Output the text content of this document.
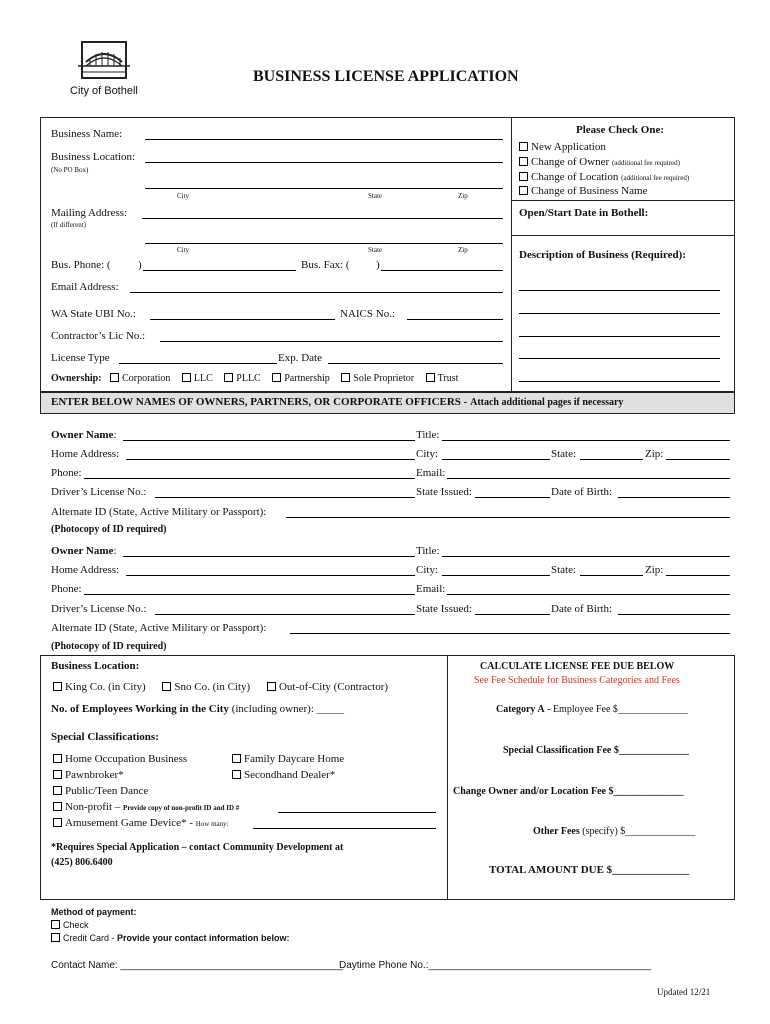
City of Bothell
BUSINESS LICENSE APPLICATION
Business Name:
Business Location:
(No PO Box)
City	State	Zip
Mailing Address:
(If different)
City	State	Zip
Bus. Phone: ( )	Bus. Fax: ( )
Email Address:
WA State UBI No.:	NAICS No.:
Contractor’s Lic No.:
License Type	Exp. Date
Ownership: Corporation LLC PLLC Partnership Sole Proprietor Trust
Please Check One:
New Application
Change of Owner (additional fee required)
Change of Location (additional fee required)
Change of Business Name
Open/Start Date in Bothell:
Description of Business (Required):
ENTER BELOW NAMES OF OWNERS, PARTNERS, OR CORPORATE OFFICERS - Attach additional pages if necessary
Owner Name:	Title:
Home Address:	City:	State:	Zip:
Phone:	Email:
Driver’s License No.:	State Issued:	Date of Birth:
Alternate ID (State, Active Military or Passport):
(Photocopy of ID required)
Owner Name:	Title:
Home Address:	City:	State:	Zip:
Phone:	Email:
Driver’s License No.:	State Issued:	Date of Birth:
Alternate ID (State, Active Military or Passport):
(Photocopy of ID required)
Business Location:
King Co. (in City)	Sno Co. (in City)	Out-of-City (Contractor)
No. of Employees Working in the City (including owner): _____
Special Classifications:
Home Occupation Business
Pawnbroker*
Public/Teen Dance
Family Daycare Home
Secondhand Dealer*
Non-profit – Provide copy of non-profit ID and ID #
Amusement Game Device* - How many:
*Requires Special Application – contact Community Development at
(425) 806.6400
CALCULATE LICENSE FEE DUE BELOW
See Fee Schedule for Business Categories and Fees
Category A - Employee Fee $______________
Special Classification Fee $______________
Change Owner and/or Location Fee $______________
Other Fees (specify) $______________
TOTAL AMOUNT DUE $______________
Method of payment:
Check
Credit Card - Provide your contact information below:
Contact Name: ________________________________________
Daytime Phone No.:________________________________________
Updated 12/21
